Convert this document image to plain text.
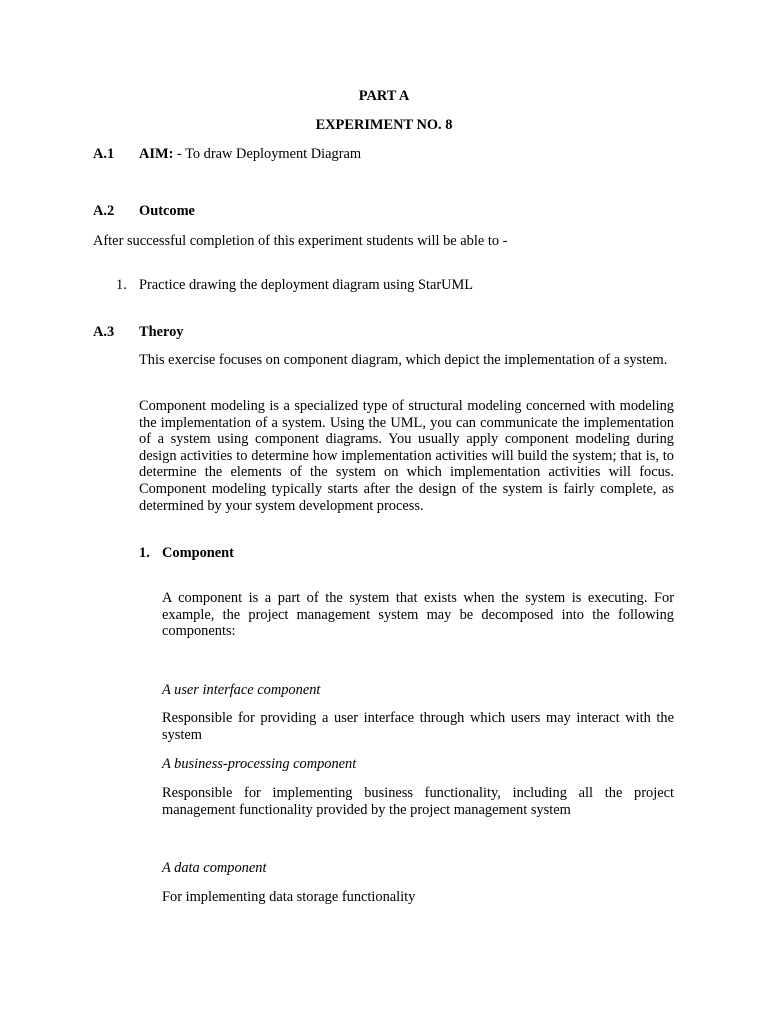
PART A
EXPERIMENT NO. 8
A.1 AIM: - To draw Deployment Diagram
A.2 Outcome
After successful completion of this experiment students will be able to -
1. Practice drawing the deployment diagram using StarUML
A.3 Theroy
This exercise focuses on component diagram, which depict the implementation of a system.
Component modeling is a specialized type of structural modeling concerned with modeling the implementation of a system. Using the UML, you can communicate the implementation of a system using component diagrams. You usually apply component modeling during design activities to determine how implementation activities will build the system; that is, to determine the elements of the system on which implementation activities will focus. Component modeling typically starts after the design of the system is fairly complete, as determined by your system development process.
1. Component
A component is a part of the system that exists when the system is executing. For example, the project management system may be decomposed into the following components:
A user interface component
Responsible for providing a user interface through which users may interact with the system
A business-processing component
Responsible for implementing business functionality, including all the project management functionality provided by the project management system
A data component
For implementing data storage functionality
